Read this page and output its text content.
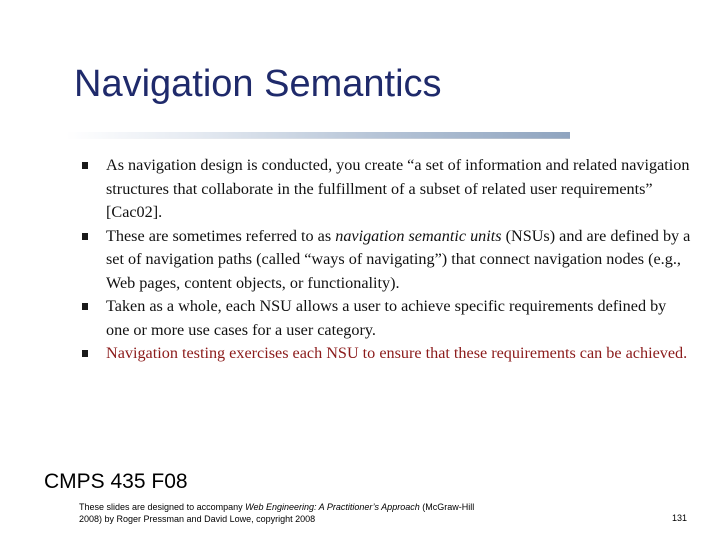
Navigation Semantics
As navigation design is conducted, you create “a set of information and related navigation structures that collaborate in the fulfillment of a subset of related user requirements” [Cac02].
These are sometimes referred to as navigation semantic units (NSUs) and are defined by a set of navigation paths (called “ways of navigating”) that connect navigation nodes (e.g., Web pages, content objects, or functionality).
Taken as a whole, each NSU allows a user to achieve specific requirements defined by one or more use cases for a user category.
Navigation testing exercises each NSU to ensure that these requirements can be achieved.
CMPS 435 F08
These slides are designed to accompany Web Engineering: A Practitioner’s Approach (McGraw-Hill 2008) by Roger Pressman and David Lowe, copyright 2008	131
